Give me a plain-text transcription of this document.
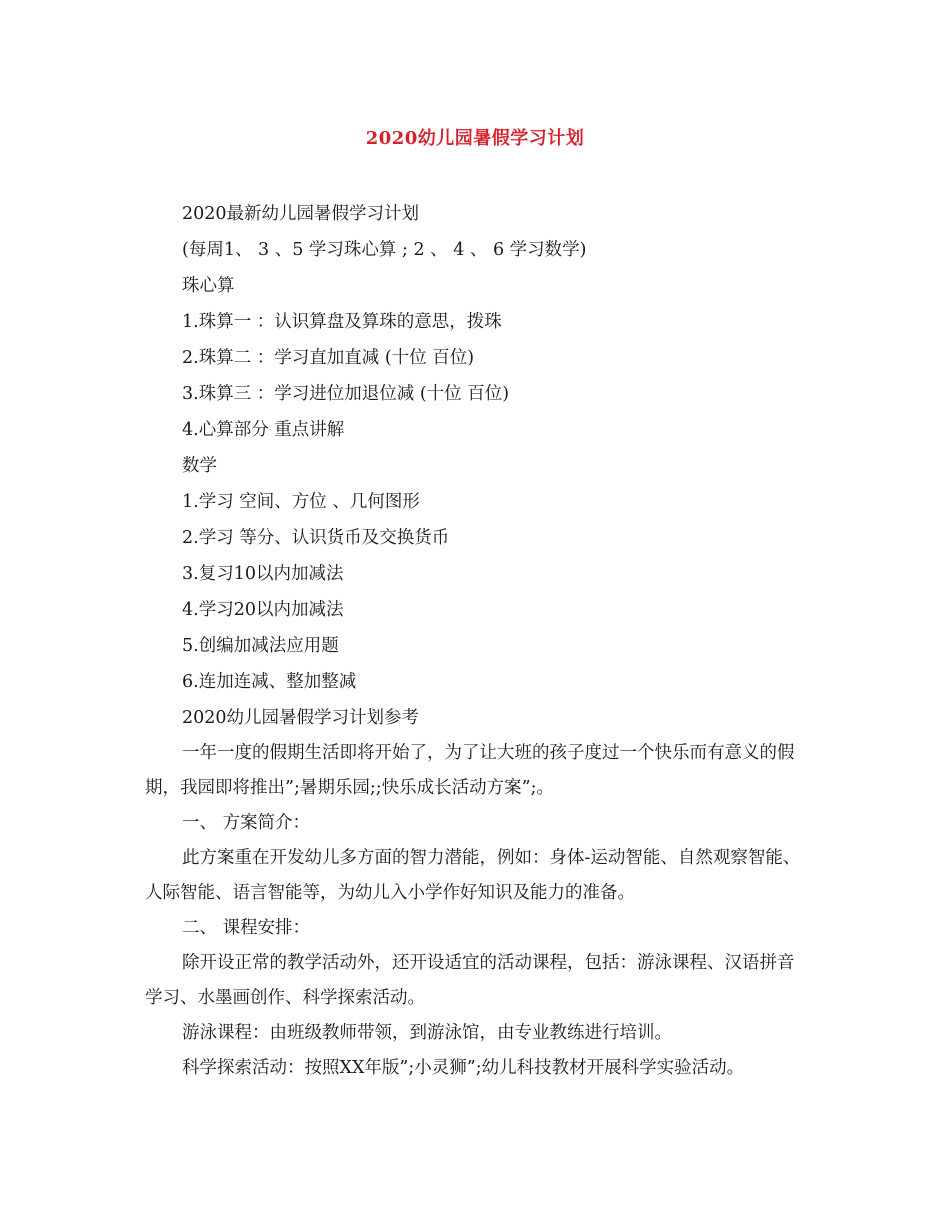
2020幼儿园暑假学习计划
2020最新幼儿园暑假学习计划
(每周1、 3 、5 学习珠心算 ; 2 、 4 、 6 学习数学)
珠心算
1.珠算一 ：认识算盘及算珠的意思，拨珠
2.珠算二 ：学习直加直减 (十位 百位)
3.珠算三 ：学习进位加退位减 (十位 百位)
4.心算部分 重点讲解
数学
1.学习 空间、方位 、几何图形
2.学习 等分、认识货币及交换货币
3.复习10以内加减法
4.学习20以内加减法
5.创编加减法应用题
6.连加连减、整加整减
2020幼儿园暑假学习计划参考

一年一度的假期生活即将开始了，为了让大班的孩子度过一个快乐而有意义的假期，我园即将推出”;暑期乐园;;快乐成长活动方案”;。

一、 方案简介：

此方案重在开发幼儿多方面的智力潜能，例如：身体-运动智能、自然观察智能、人际智能、语言智能等，为幼儿入小学作好知识及能力的准备。

二、 课程安排：

除开设正常的教学活动外，还开设适宜的活动课程，包括：游泳课程、汉语拼音学习、水墨画创作、科学探索活动。

游泳课程：由班级教师带领，到游泳馆，由专业教练进行培训。

科学探索活动：按照XX年版”;小灵狮”;幼儿科技教材开展科学实验活动。
